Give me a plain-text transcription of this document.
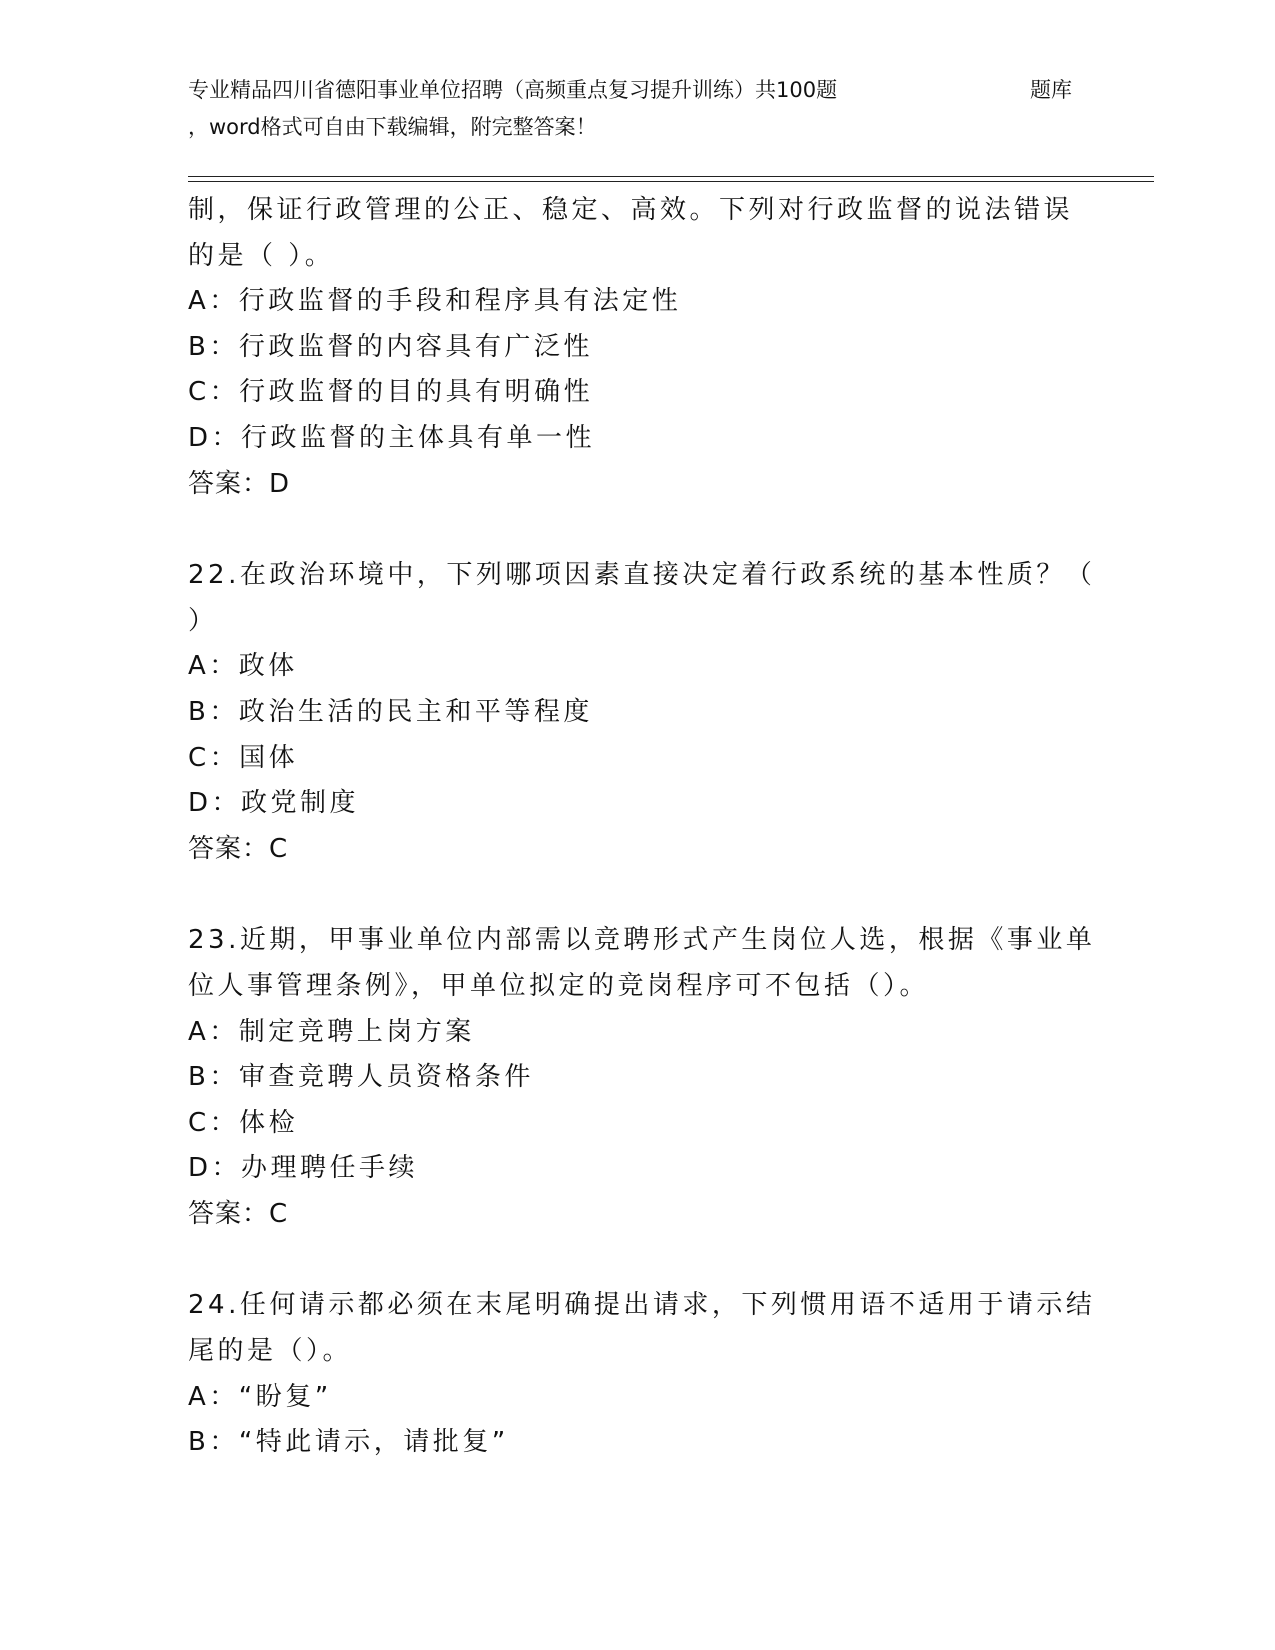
专业精品四川省德阳事业单位招聘（高频重点复习提升训练）共100题	题库
，word格式可自由下载编辑，附完整答案！
制，保证行政管理的公正、稳定、高效。下列对行政监督的说法错误
的是（ ）。
A：行政监督的手段和程序具有法定性
B：行政监督的内容具有广泛性
C：行政监督的目的具有明确性
D：行政监督的主体具有单一性
答案：D
22.在政治环境中，下列哪项因素直接决定着行政系统的基本性质？（
）
A：政体
B：政治生活的民主和平等程度
C：国体
D：政党制度
答案：C
23.近期，甲事业单位内部需以竞聘形式产生岗位人选，根据《事业单
位人事管理条例》，甲单位拟定的竞岗程序可不包括（）。
A：制定竞聘上岗方案
B：审查竞聘人员资格条件
C：体检
D：办理聘任手续
答案：C
24.任何请示都必须在末尾明确提出请求，下列惯用语不适用于请示结
尾的是（）。
A：“盼复”
B：“特此请示，请批复”
